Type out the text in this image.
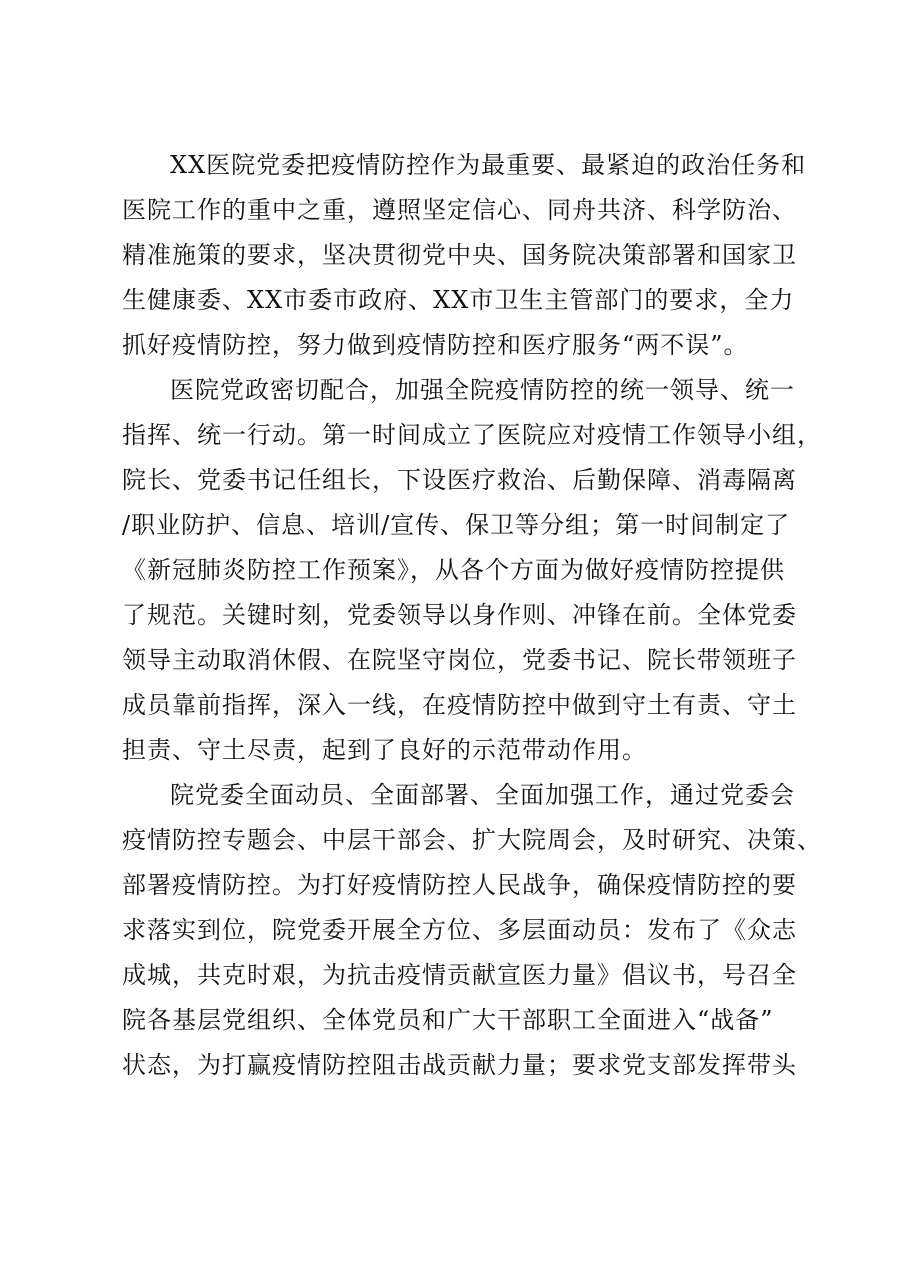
XX医院党委把疫情防控作为最重要、最紧迫的政治任务和
医院工作的重中之重，遵照坚定信心、同舟共济、科学防治、
精准施策的要求，坚决贯彻党中央、国务院决策部署和国家卫
生健康委、XX市委市政府、XX市卫生主管部门的要求，全力
抓好疫情防控，努力做到疫情防控和医疗服务“两不误”。

医院党政密切配合，加强全院疫情防控的统一领导、统一
指挥、统一行动。第一时间成立了医院应对疫情工作领导小组，
院长、党委书记任组长，下设医疗救治、后勤保障、消毒隔离
/职业防护、信息、培训/宣传、保卫等分组；第一时间制定了
《新冠肺炎防控工作预案》，从各个方面为做好疫情防控提供
了规范。关键时刻，党委领导以身作则、冲锋在前。全体党委
领导主动取消休假、在院坚守岗位，党委书记、院长带领班子
成员靠前指挥，深入一线，在疫情防控中做到守土有责、守土
担责、守土尽责，起到了良好的示范带动作用。

院党委全面动员、全面部署、全面加强工作，通过党委会
疫情防控专题会、中层干部会、扩大院周会，及时研究、决策、
部署疫情防控。为打好疫情防控人民战争，确保疫情防控的要
求落实到位，院党委开展全方位、多层面动员：发布了《众志
成城，共克时艰，为抗击疫情贡献宣医力量》倡议书，号召全
院各基层党组织、全体党员和广大干部职工全面进入“战备”
状态，为打赢疫情防控阻击战贡献力量；要求党支部发挥带头
